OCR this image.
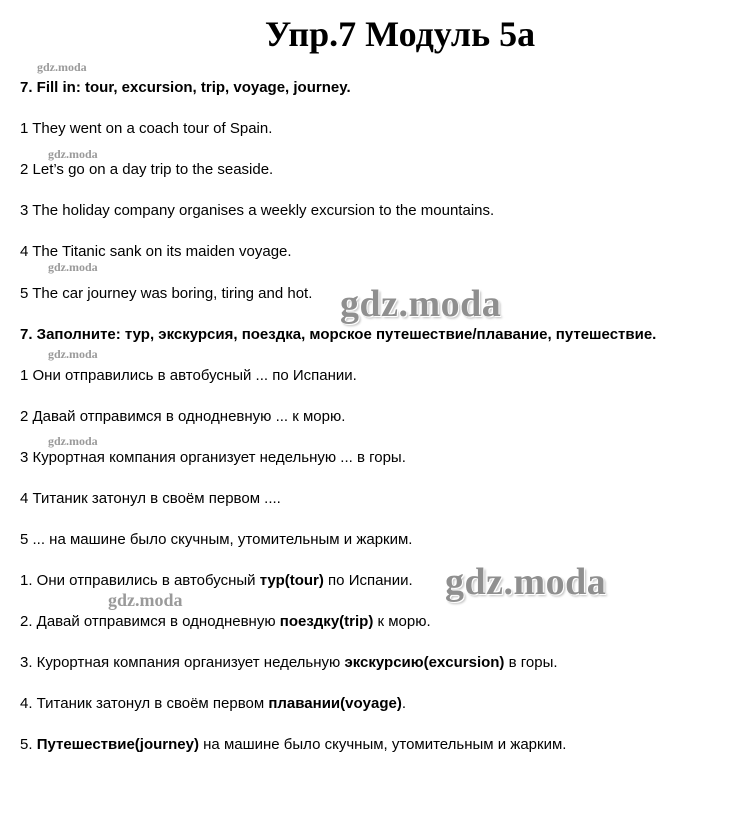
Упр.7 Модуль 5а
7. Fill in: tour, excursion, trip, voyage, journey.
1 They went on a coach tour of Spain.
2 Let’s go on a day trip to the seaside.
3 The holiday company organises a weekly excursion to the mountains.
4 The Titanic sank on its maiden voyage.
5 The car journey was boring, tiring and hot.
7. Заполните: тур, экскурсия, поездка, морское путешествие/плавание, путешествие.
1 Они отправились в автобусный ... по Испании.
2 Давай отправимся в однодневную ... к морю.
3 Курортная компания организует недельную ... в горы.
4 Титаник затонул в своём первом ....
5 ... на машине было скучным, утомительным и жарким.
1. Они отправились в автобусный тур(tour) по Испании.
2. Давай отправимся в однодневную поездку(trip) к морю.
3. Курортная компания организует недельную экскурсию(excursion) в горы.
4. Титаник затонул в своём первом плавании(voyage).
5. Путешествие(journey) на машине было скучным, утомительным и жарким.
gdz.moda
gdz.moda
gdz.moda
gdz.moda
gdz.moda
gdz.moda
gdz.moda
gdz.moda
